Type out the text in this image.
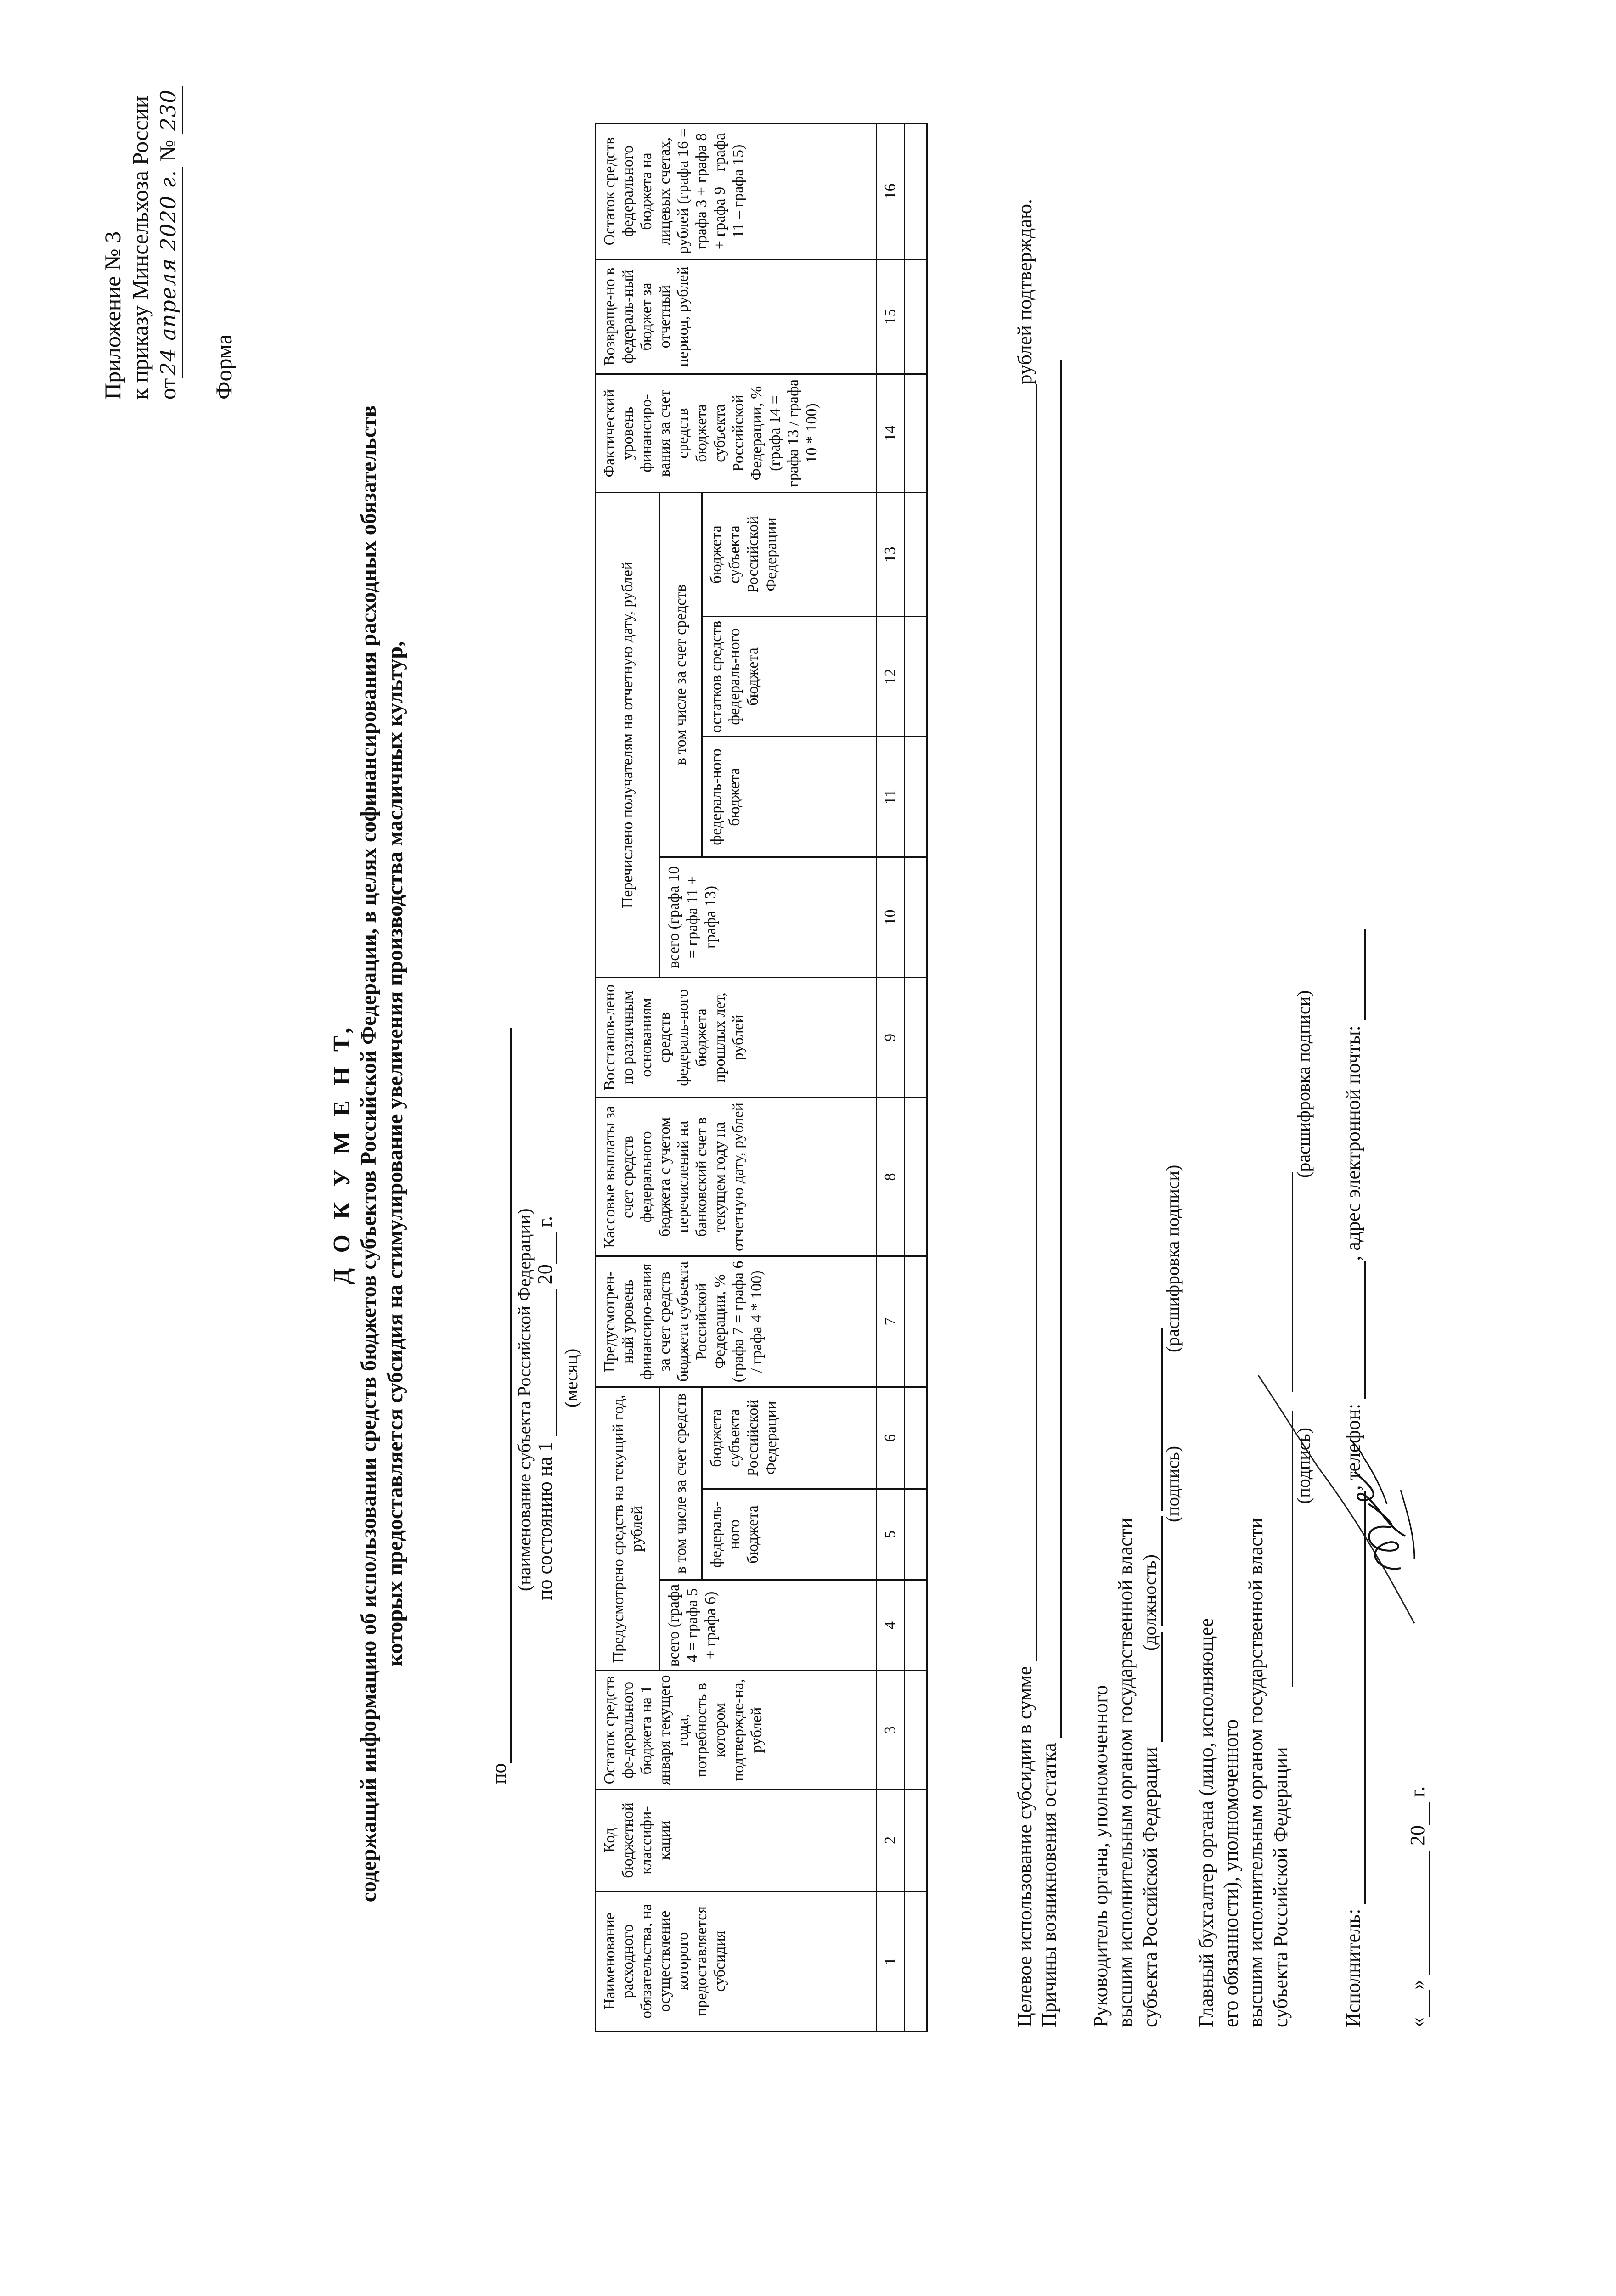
Приложение № 3 к приказу Минсельхоза России от24 апреля 2020 г. № 230
Форма
Д О К У М Е Н Т, содержащий информацию об использовании средств бюджетов субъектов Российской Федерации, в целях софинансирования расходных обязательств которых предоставляется субсидия на стимулирование увеличения производства масличных культур,
по
(наименование субъекта Российской Федерации)
по состоянию на 1  20 г.
(месяц)
Наименование расходного обязательства, на осуществление которого предоставляется субсидия	Код бюджетной классифи-кации	Остаток средств фе-дерального бюджета на 1 января текущего года, потребность в котором подтвержде-на, рублей	Предусмотрено средств на текущий год, рублей			Предусмотрен-ный уровень финансиро-вания за счет средств бюджета субъекта Российской Федерации, % (графа 7 = графа 6 / графа 4 * 100)	Кассовые выплаты за счет средств федерального бюджета с учетом перечислений на банковский счет в текущем году на отчетную дату, рублей	Восстанов-лено по различным основаниям средств федераль-ного бюджета прошлых лет, рублей	Перечислено получателям на отчетную дату, рублей				Фактический уровень финансиро-вания за счет средств бюджета субъекта Российской Федерации, % (графа 14 = графа 13 / графа 10 * 100)	Возвраще-но в федераль-ный бюджет за отчетный период, рублей	Остаток средств федерального бюджета на лицевых счетах, рублей (графа 16 = графа 3 + графа 8 + графа 9 – графа 11 – графа 15)
			всего (графа 4 = графа 5 + графа 6)	в том числе за счет средств					всего (графа 10 = графа 11 + графа 13)	в том числе за счет средств					
				федераль-ного бюджета	бюджета субъекта Российской Федерации					федераль-ного бюджета	остатков средств федераль-ного бюджета	бюджета субъекта Российской Федерации			
1	2	3	4	5	6	7	8	9	10	11	12	13	14	15	16

Целевое использование субсидии в сумме рублей подтверждаю.
Причины возникновения остатка Руководитель органа, уполномоченного высшим исполнительным органом государственной власти субъекта Российской Федерации
(должность)
(подпись)
(расшифровка подписи)
Главный бухгалтер органа (лицо, исполняющее его обязанности), уполномоченного высшим исполнительным органом государственной власти субъекта Российской Федерации
(подпись)
(расшифровка подписи)
Исполнитель: , телефон: , адрес электронной почты:
«»  20 г.
